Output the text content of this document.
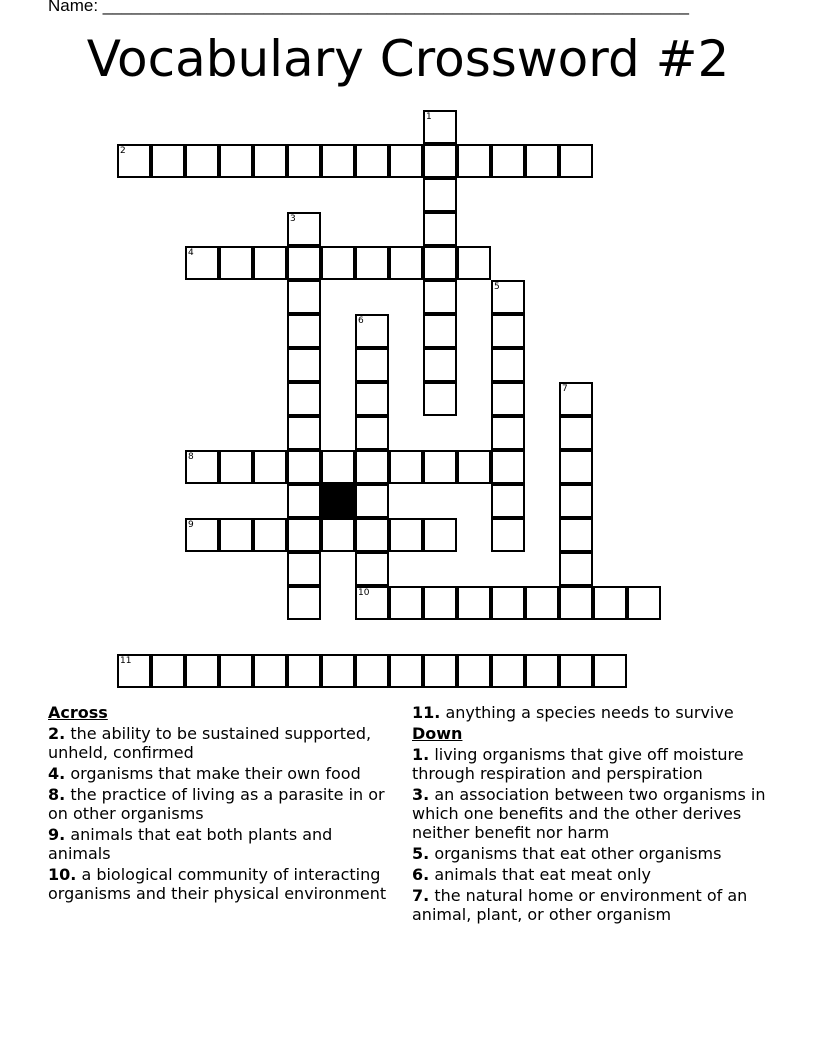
Name: ______________________________________________________________
Vocabulary Crossword #2
1
2
3
4
5
6
7
8
9
10
11
Across
2. the ability to be sustained supported, unheld, confirmed
4. organisms that make their own food
8. the practice of living as a parasite in or on other organisms
9. animals that eat both plants and animals
10. a biological community of interacting organisms and their physical environment
11. anything a species needs to survive
Down
1. living organisms that give off moisture through respiration and perspiration
3. an association between two organisms in which one benefits and the other derives neither benefit nor harm
5. organisms that eat other organisms
6. animals that eat meat only
7. the natural home or environment of an animal, plant, or other organism
